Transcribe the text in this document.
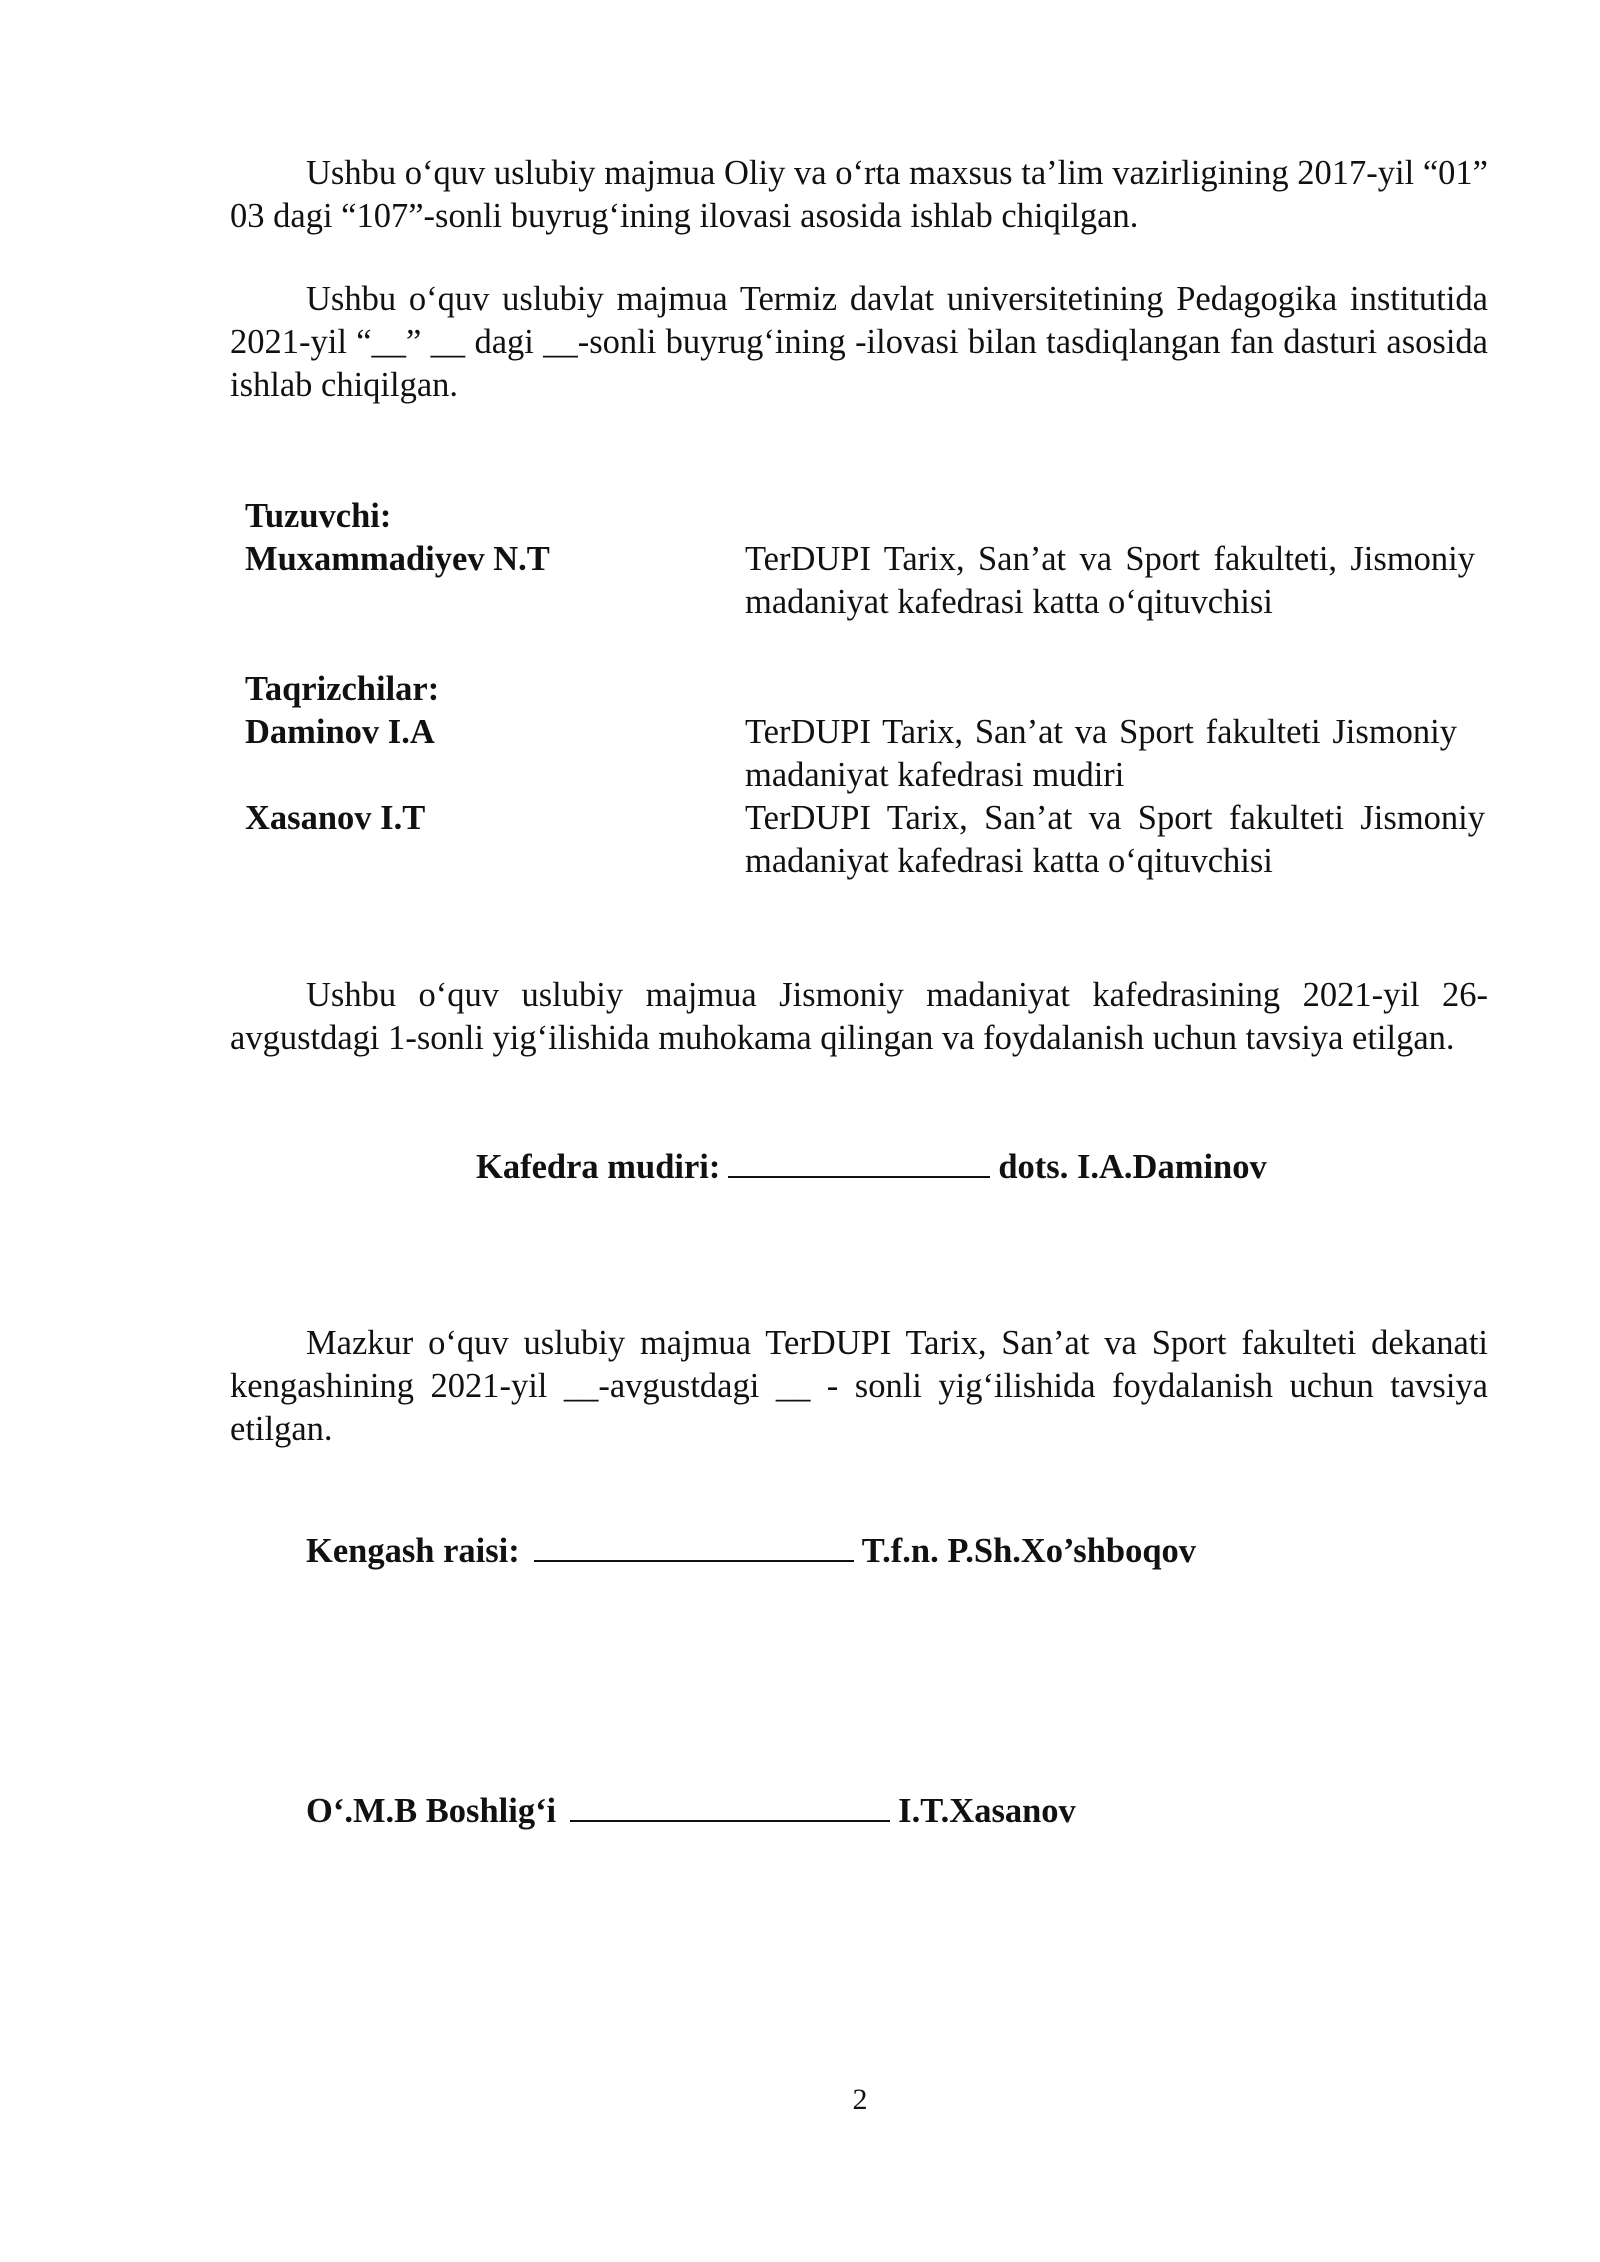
Ushbu o‘quv uslubiy majmua Oliy va o‘rta maxsus ta’lim vazirligining 2017-yil “01” 03 dagi “107”-sonli buyrug‘ining ilovasi asosida ishlab chiqilgan.

Ushbu o‘quv uslubiy majmua Termiz davlat universitetining Pedagogika institutida 2021-yil “__” __ dagi __-sonli buyrug‘ining -ilovasi bilan tasdiqlangan fan dasturi asosida ishlab chiqilgan.

Tuzuvchi:

Muxammadiyev N.T	TerDUPI Tarix, San’at va Sport fakulteti, Jismoniy madaniyat kafedrasi katta o‘qituvchisi

Taqrizchilar:

Daminov I.A	TerDUPI Tarix, San’at va Sport fakulteti Jismoniy madaniyat kafedrasi mudiri

Xasanov I.T	TerDUPI Tarix, San’at va Sport fakulteti Jismoniy madaniyat kafedrasi katta o‘qituvchisi

Ushbu o‘quv uslubiy majmua Jismoniy madaniyat kafedrasining 2021-yil 26-avgustdagi 1-sonli yig‘ilishida muhokama qilingan va foydalanish uchun tavsiya etilgan.

Kafedra mudiri:	dots. I.A.Daminov

Mazkur o‘quv uslubiy majmua TerDUPI Tarix, San’at va Sport fakulteti dekanati kengashining 2021-yil __-avgustdagi __ - sonli yig‘ilishida foydalanish uchun tavsiya etilgan.

Kengash raisi:	T.f.n. P.Sh.Xo’shboqov

O‘.M.B Boshlig‘i	I.T.Xasanov

2
